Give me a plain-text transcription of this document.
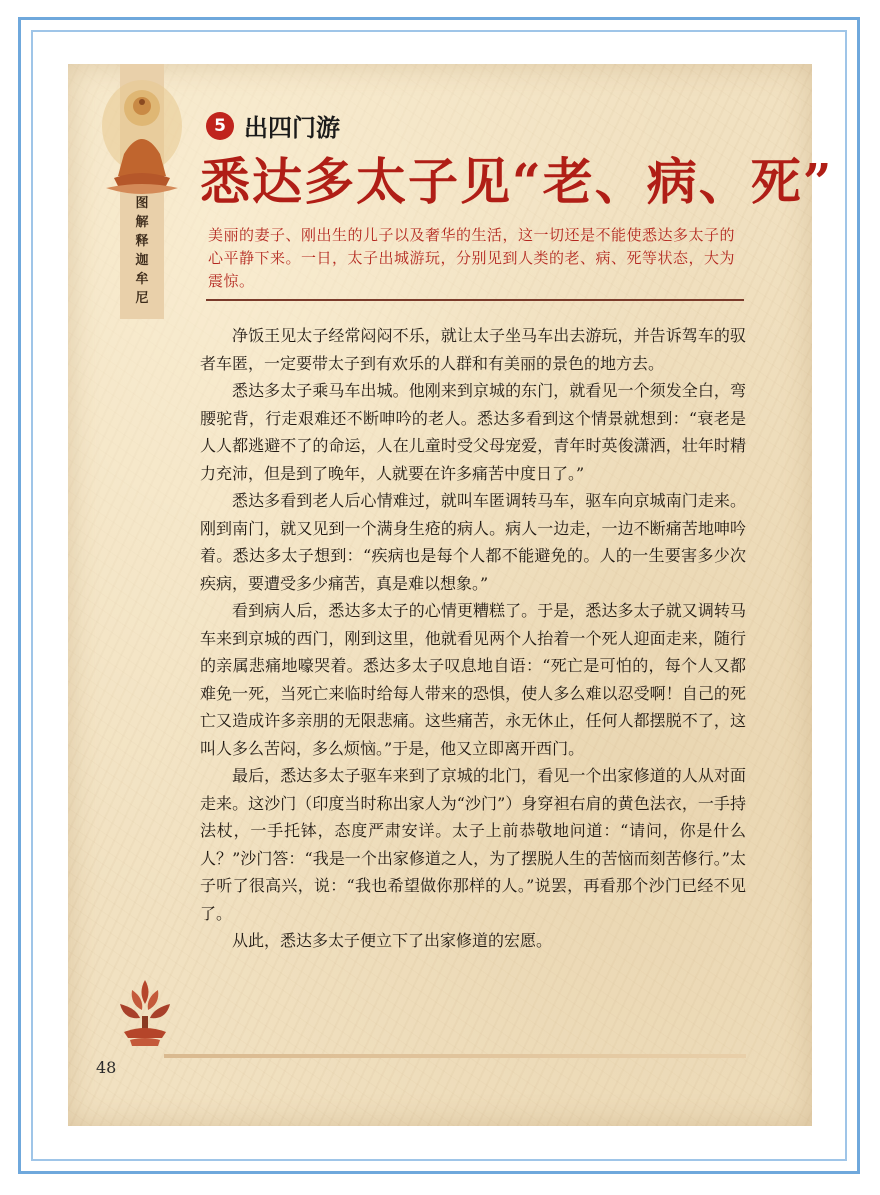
图解释迦牟尼
5 出四门游
悉达多太子见“老、病、死”
美丽的妻子、刚出生的儿子以及奢华的生活，这一切还是不能使悉达多太子的心平静下来。一日，太子出城游玩，分别见到人类的老、病、死等状态，大为震惊。

净饭王见太子经常闷闷不乐，就让太子坐马车出去游玩，并告诉驾车的驭者车匿，一定要带太子到有欢乐的人群和有美丽的景色的地方去。

悉达多太子乘马车出城。他刚来到京城的东门，就看见一个须发全白，弯腰驼背，行走艰难还不断呻吟的老人。悉达多看到这个情景就想到：“衰老是人人都逃避不了的命运，人在儿童时受父母宠爱，青年时英俊潇洒，壮年时精力充沛，但是到了晚年，人就要在许多痛苦中度日了。”

悉达多看到老人后心情难过，就叫车匿调转马车，驱车向京城南门走来。刚到南门，就又见到一个满身生疮的病人。病人一边走，一边不断痛苦地呻吟着。悉达多太子想到：“疾病也是每个人都不能避免的。人的一生要害多少次疾病，要遭受多少痛苦，真是难以想象。”

看到病人后，悉达多太子的心情更糟糕了。于是，悉达多太子就又调转马车来到京城的西门，刚到这里，他就看见两个人抬着一个死人迎面走来，随行的亲属悲痛地嚎哭着。悉达多太子叹息地自语：“死亡是可怕的，每个人又都难免一死，当死亡来临时给每人带来的恐惧，使人多么难以忍受啊！自己的死亡又造成许多亲朋的无限悲痛。这些痛苦，永无休止，任何人都摆脱不了，这叫人多么苦闷，多么烦恼。”于是，他又立即离开西门。

最后，悉达多太子驱车来到了京城的北门，看见一个出家修道的人从对面走来。这沙门（印度当时称出家人为“沙门”）身穿袒右肩的黄色法衣，一手持法杖，一手托钵，态度严肃安详。太子上前恭敬地问道：“请问，你是什么人？”沙门答：“我是一个出家修道之人，为了摆脱人生的苦恼而刻苦修行。”太子听了很高兴，说：“我也希望做你那样的人。”说罢，再看那个沙门已经不见了。

从此，悉达多太子便立下了出家修道的宏愿。

48
